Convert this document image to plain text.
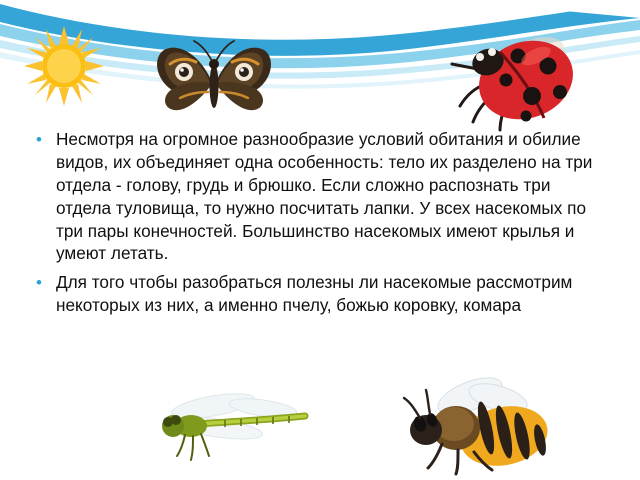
• Несмотря на огромное разнообразие условий обитания и обилие видов, их объединяет одна особенность: тело их разделено на три отдела - голову, грудь и брюшко. Если сложно распознать три отдела туловища, то нужно посчитать лапки. У всех насекомых по три пары конечностей. Большинство насекомых имеют крылья и умеют летать.
• Для того чтобы разобраться полезны ли насекомые рассмотрим некоторых из них, а именно пчелу, божью коровку, комара
